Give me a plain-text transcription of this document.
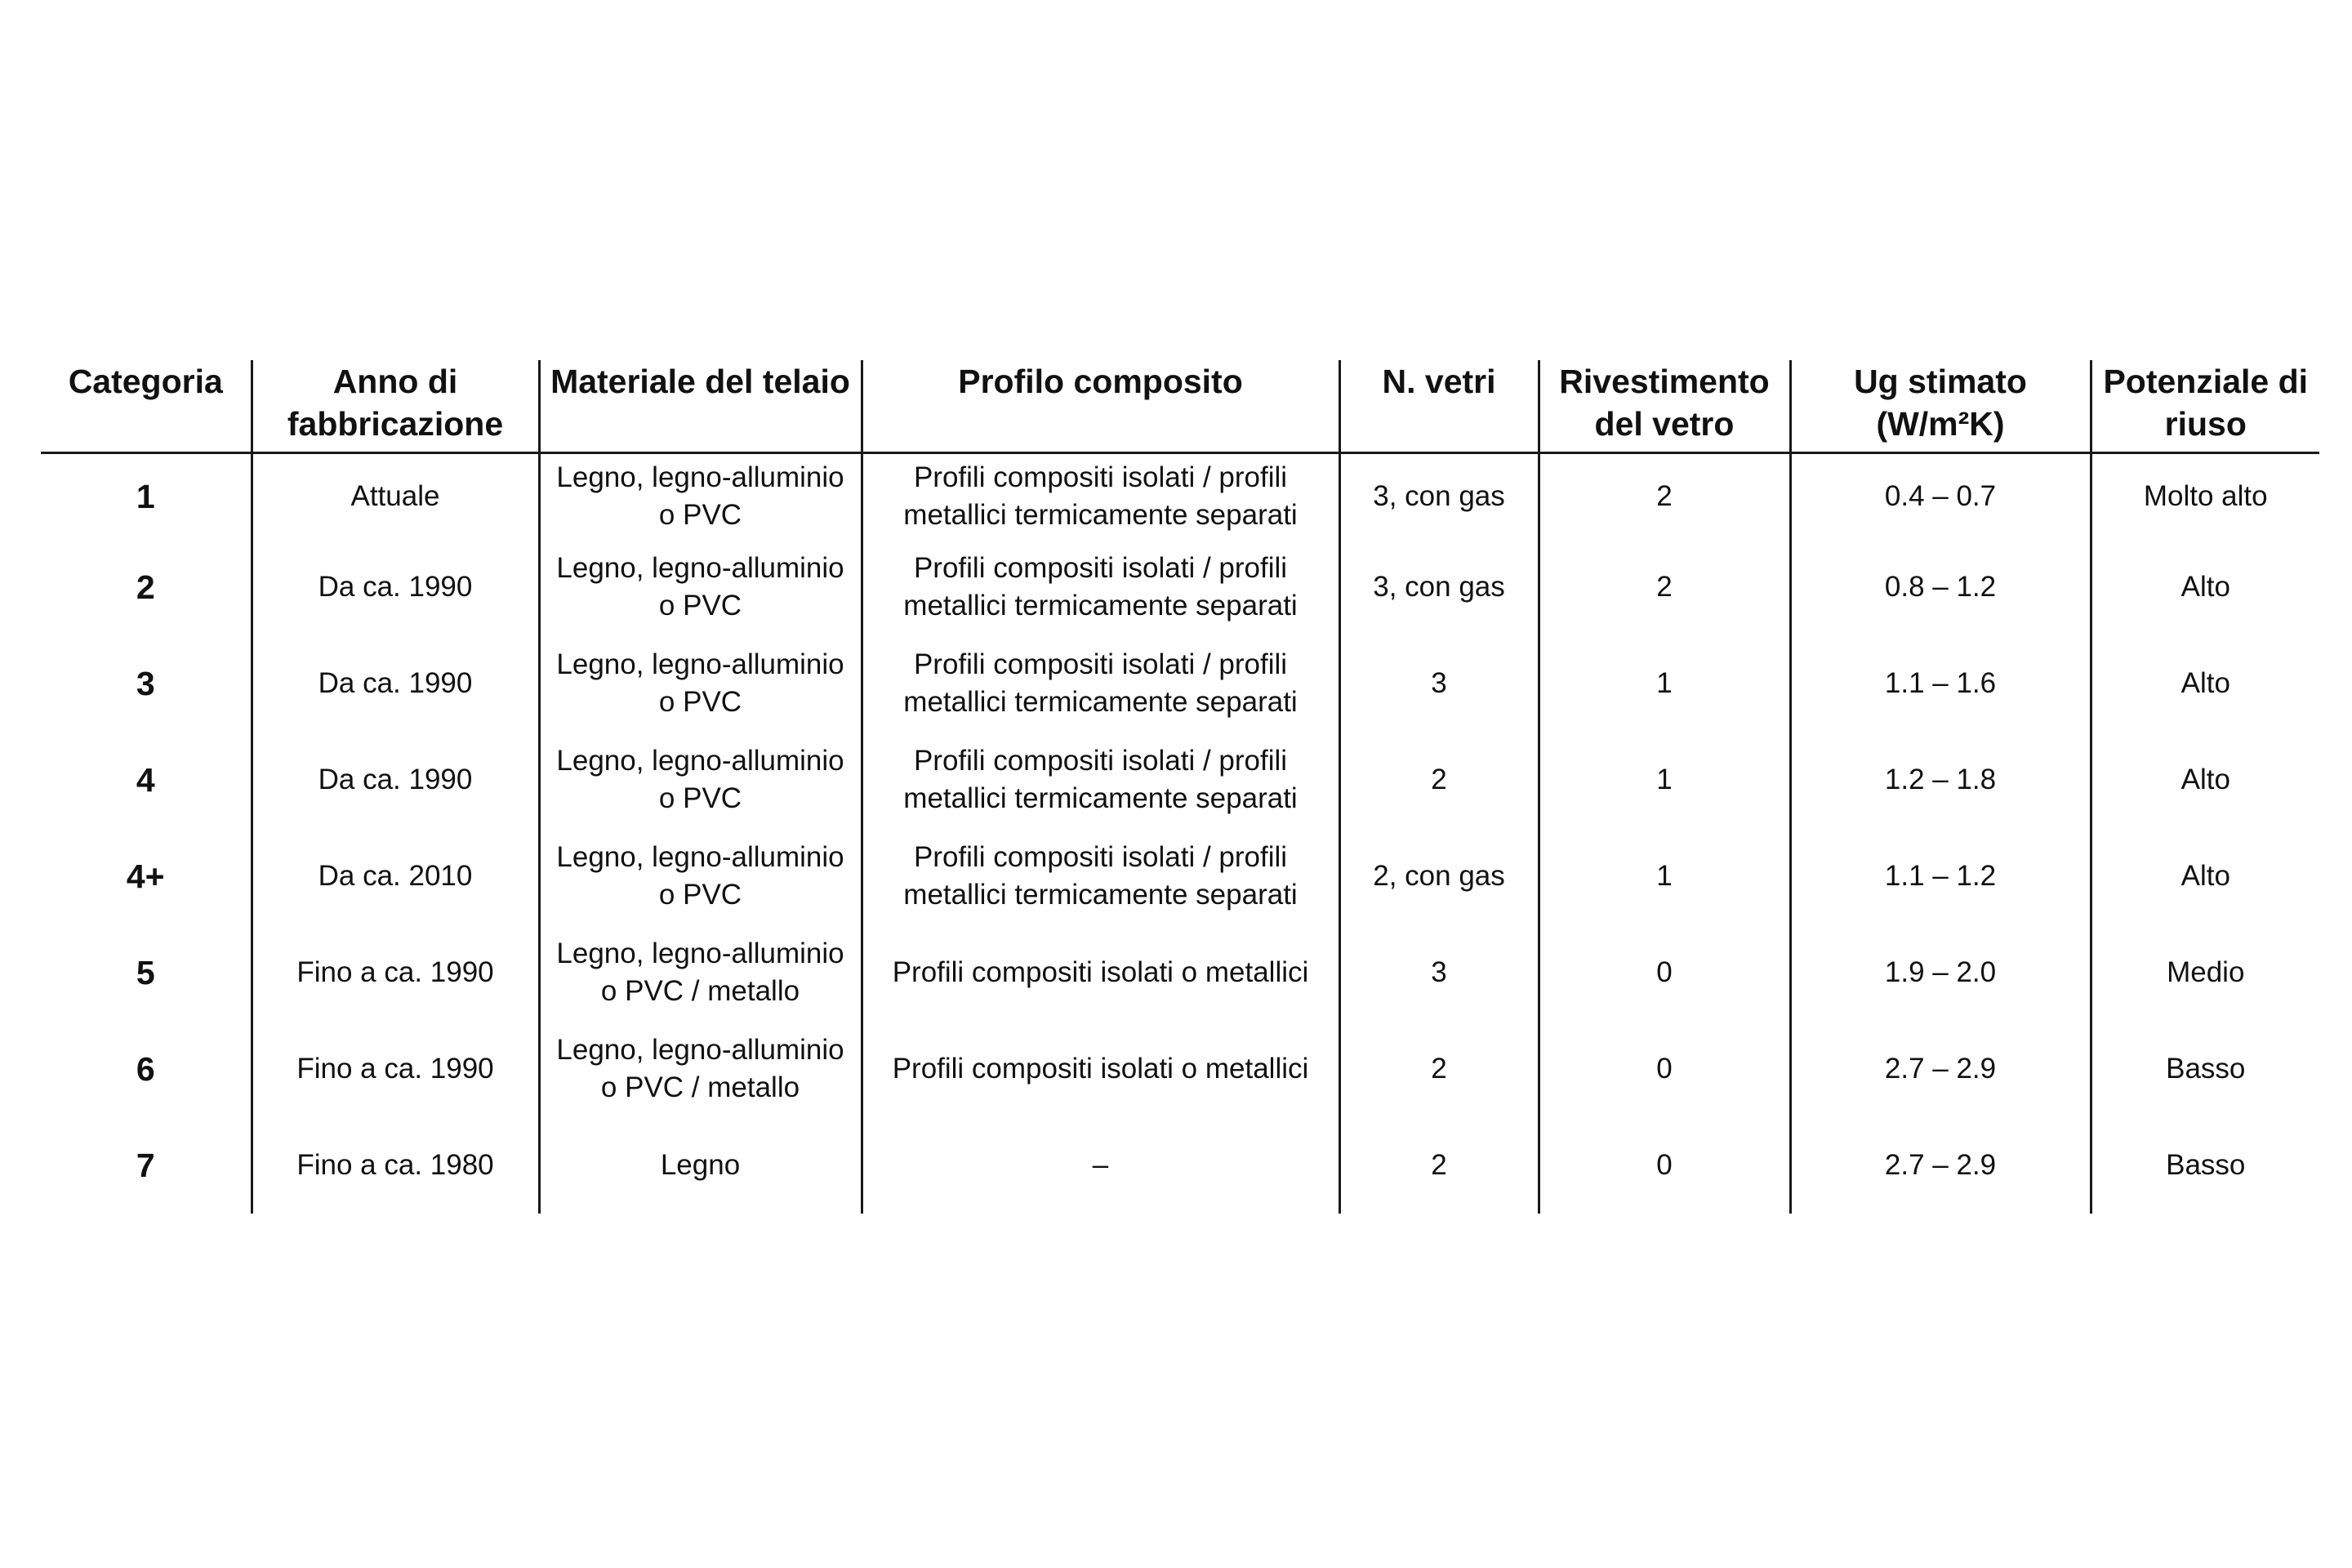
Categoria	Anno di fabbricazione	Materiale del telaio	Profilo composito	N. vetri	Rivestimento del vetro	Ug stimato (W/m²K)	Potenziale di riuso
1	Attuale	Legno, legno-alluminio o PVC	Profili compositi isolati / profili metallici termicamente separati	3, con gas	2	0.4 – 0.7	Molto alto
2	Da ca. 1990	Legno, legno-alluminio o PVC	Profili compositi isolati / profili metallici termicamente separati	3, con gas	2	0.8 – 1.2	Alto
3	Da ca. 1990	Legno, legno-alluminio o PVC	Profili compositi isolati / profili metallici termicamente separati	3	1	1.1 – 1.6	Alto
4	Da ca. 1990	Legno, legno-alluminio o PVC	Profili compositi isolati / profili metallici termicamente separati	2	1	1.2 – 1.8	Alto
4+	Da ca. 2010	Legno, legno-alluminio o PVC	Profili compositi isolati / profili metallici termicamente separati	2, con gas	1	1.1 – 1.2	Alto
5	Fino a ca. 1990	Legno, legno-alluminio o PVC / metallo	Profili compositi isolati o metallici	3	0	1.9 – 2.0	Medio
6	Fino a ca. 1990	Legno, legno-alluminio o PVC / metallo	Profili compositi isolati o metallici	2	0	2.7 – 2.9	Basso
7	Fino a ca. 1980	Legno	–	2	0	2.7 – 2.9	Basso
